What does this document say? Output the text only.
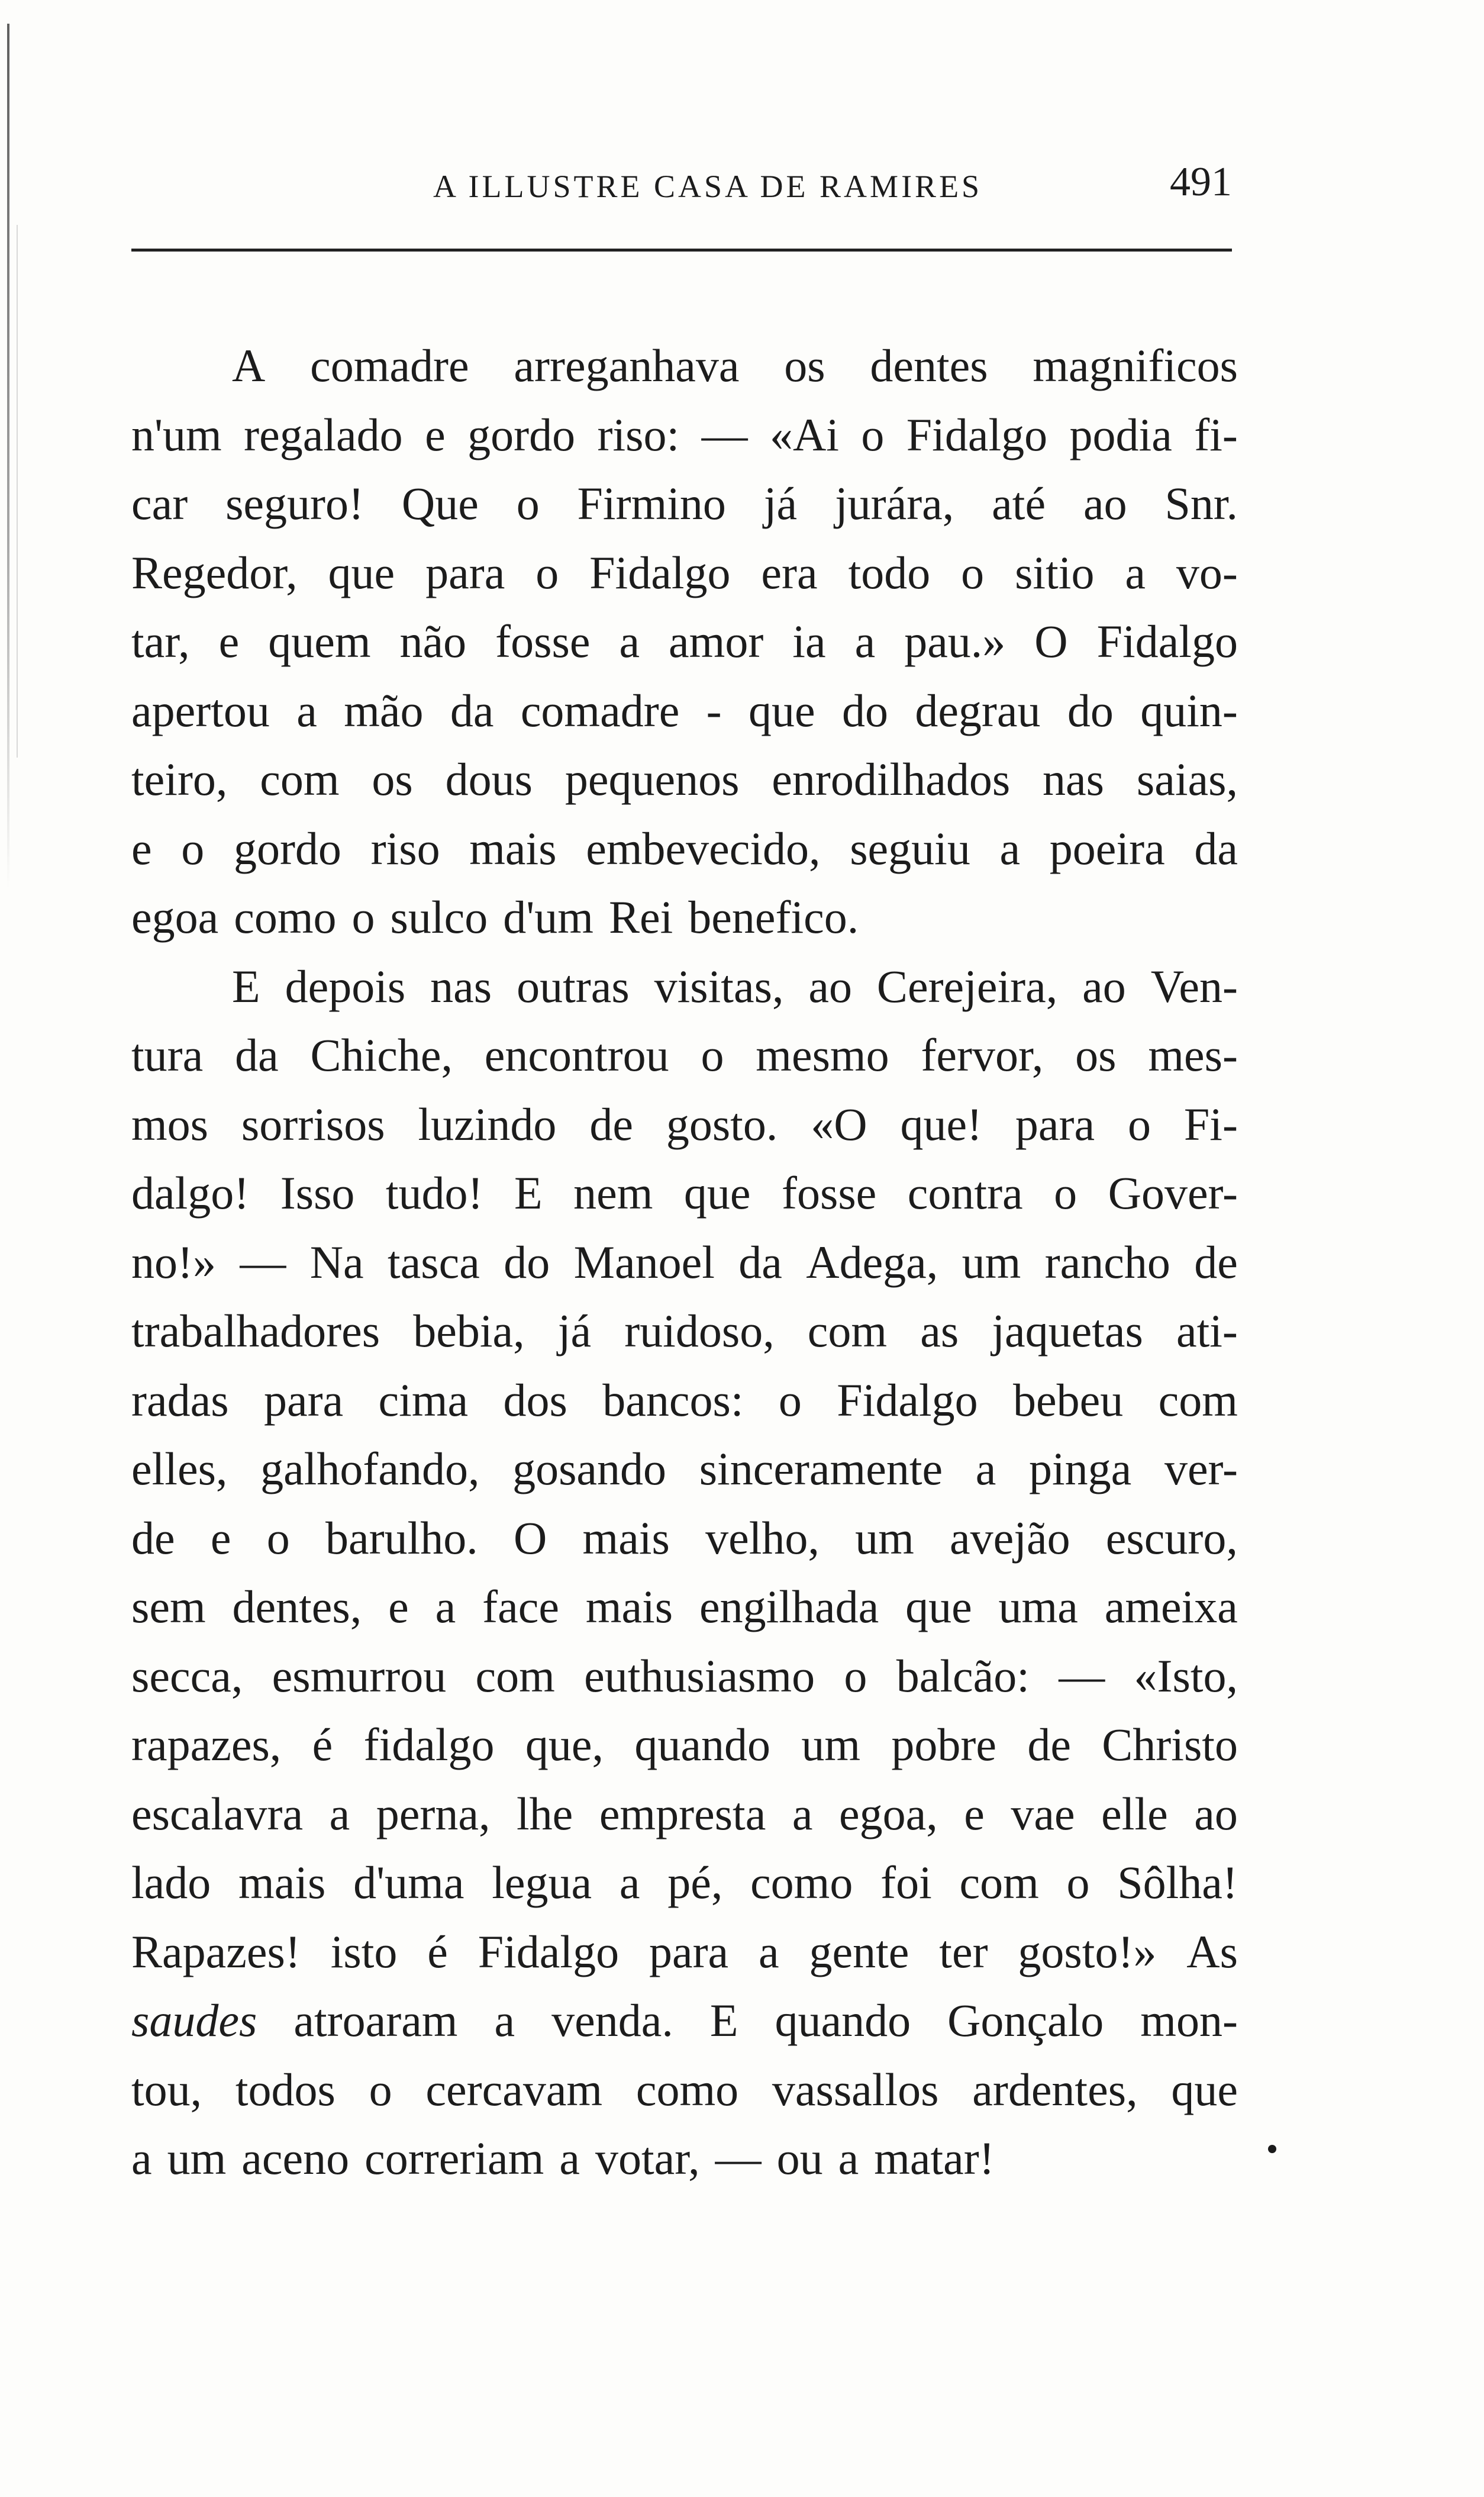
A ILLUSTRE CASA DE RAMIRES	491
A comadre arreganhava os dentes magnificos
n'um regalado e gordo riso: — «Ai o Fidalgo podia fi-
car seguro! Que o Firmino já jurára, até ao Snr.
Regedor, que para o Fidalgo era todo o sitio a vo-
tar, e quem não fosse a amor ia a pau.» O Fidalgo
apertou a mão da comadre - que do degrau do quin-
teiro, com os dous pequenos enrodilhados nas saias,
e o gordo riso mais embevecido, seguiu a poeira da
egoa como o sulco d'um Rei benefico.
E depois nas outras visitas, ao Cerejeira, ao Ven-
tura da Chiche, encontrou o mesmo fervor, os mes-
mos sorrisos luzindo de gosto. «O que! para o Fi-
dalgo! Isso tudo! E nem que fosse contra o Gover-
no!» — Na tasca do Manoel da Adega, um rancho de
trabalhadores bebia, já ruidoso, com as jaquetas ati-
radas para cima dos bancos: o Fidalgo bebeu com
elles, galhofando, gosando sinceramente a pinga ver-
de e o barulho. O mais velho, um avejão escuro,
sem dentes, e a face mais engilhada que uma ameixa
secca, esmurrou com euthusiasmo o balcão: — «Isto,
rapazes, é fidalgo que, quando um pobre de Christo
escalavra a perna, lhe empresta a egoa, e vae elle ao
lado mais d'uma legua a pé, como foi com o Sôlha!
Rapazes! isto é Fidalgo para a gente ter gosto!» As
saudes atroaram a venda. E quando Gonçalo mon-
tou, todos o cercavam como vassallos ardentes, que
a um aceno correriam a votar, — ou a matar!
